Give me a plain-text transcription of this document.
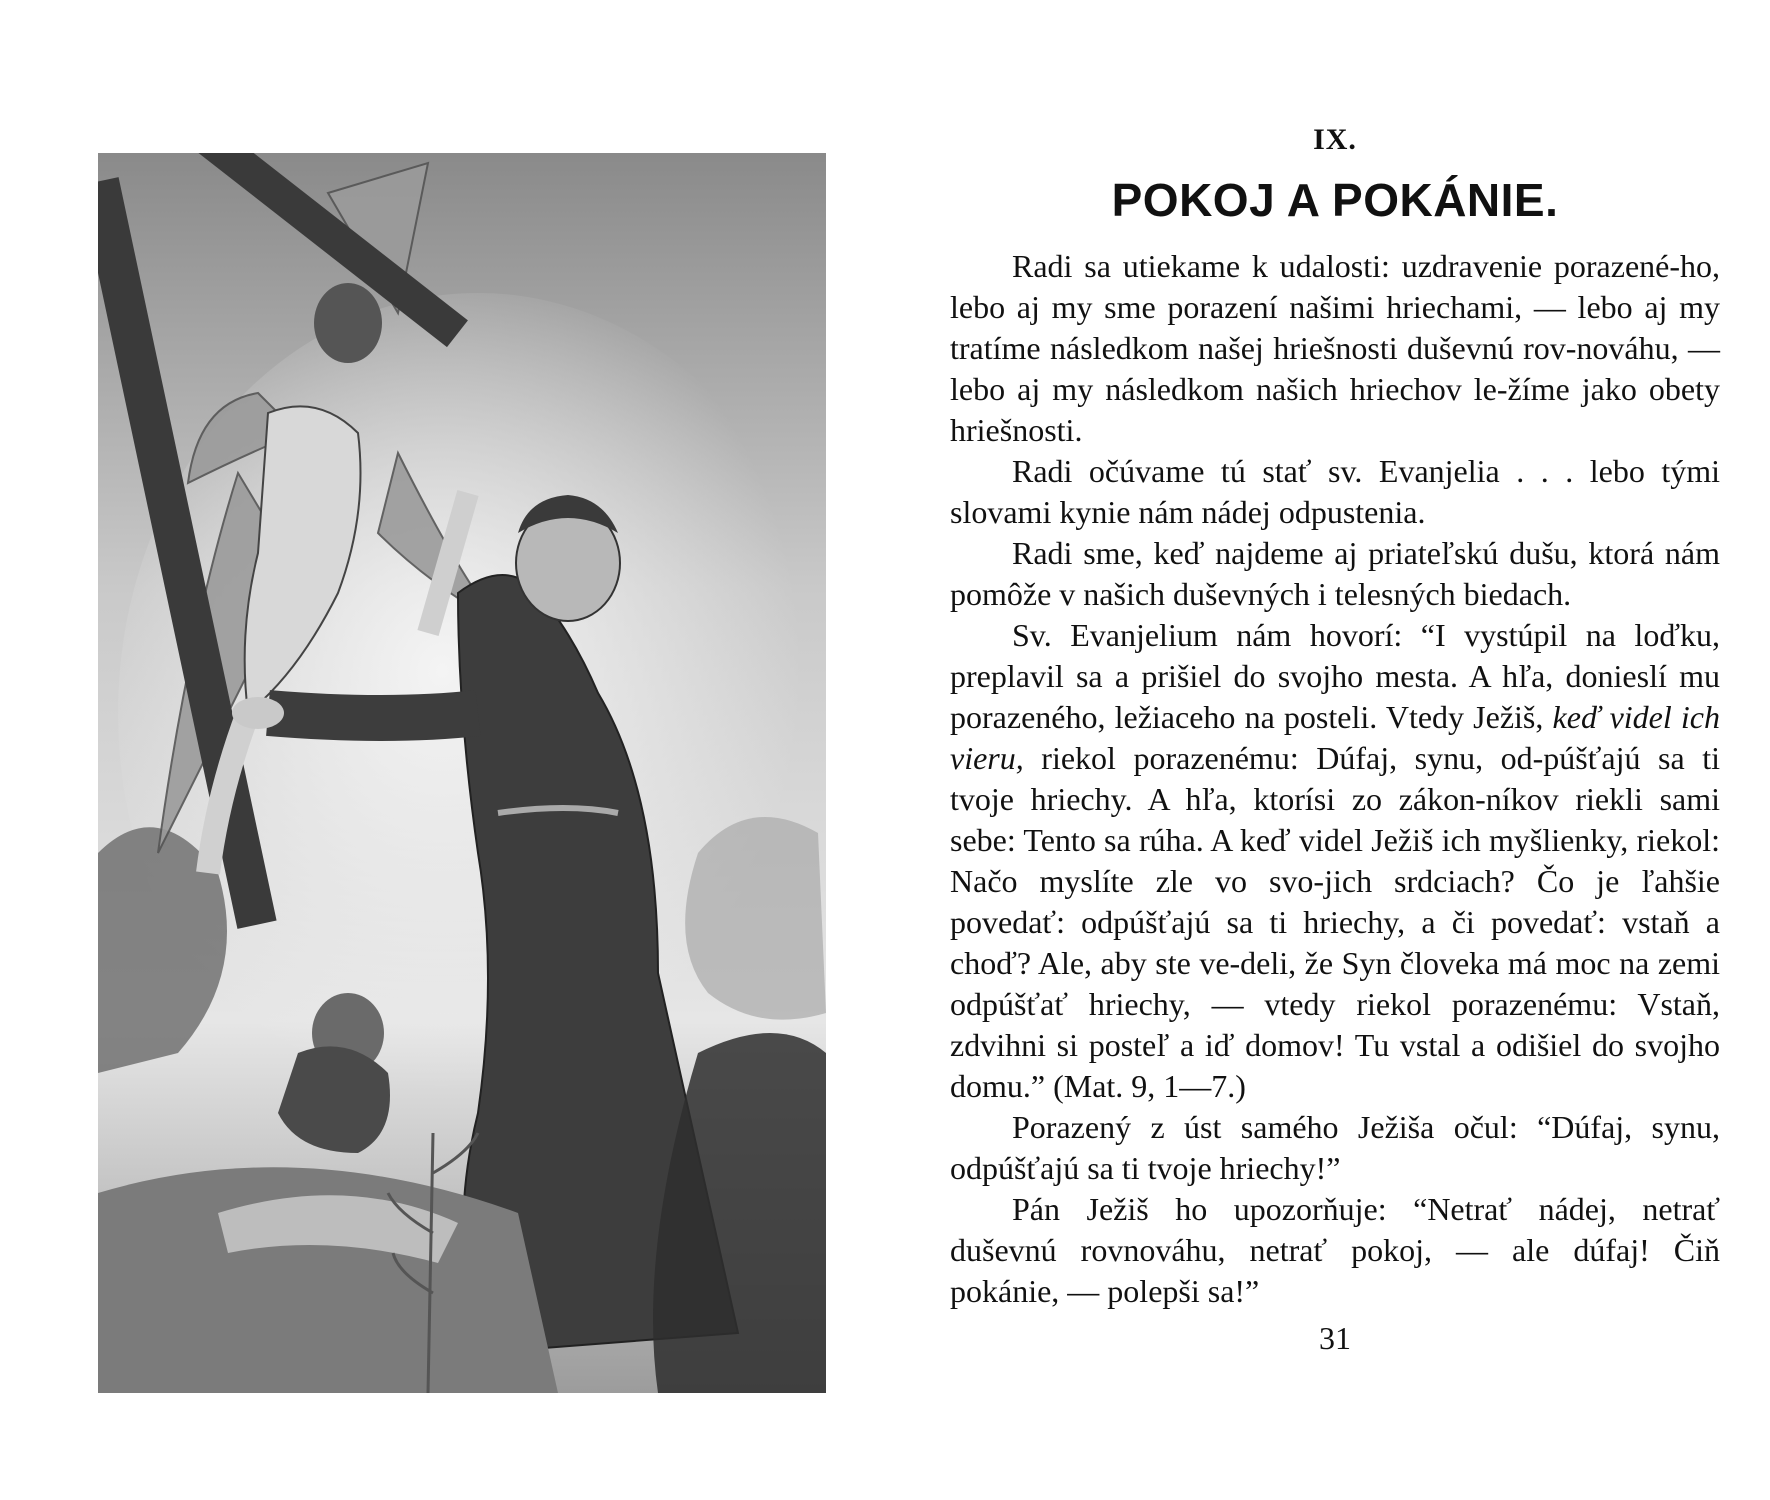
IX.

POKOJ A POKÁNIE.

Radi sa utiekame k udalosti: uzdravenie porazené-ho, lebo aj my sme porazení našimi hriechami, — lebo aj my tratíme následkom našej hriešnosti duševnú rov-nováhu, — lebo aj my následkom našich hriechov le-žíme jako obety hriešnosti.

Radi očúvame tú stať sv. Evanjelia . . . lebo tými slovami kynie nám nádej odpustenia.

Radi sme, keď najdeme aj priateľskú dušu, ktorá nám pomôže v našich duševných i telesných biedach.

Sv. Evanjelium nám hovorí: “I vystúpil na loďku, preplavil sa a prišiel do svojho mesta. A hľa, donieslí mu porazeného, ležiaceho na posteli. Vtedy Ježiš, keď videl ich vieru, riekol porazenému: Dúfaj, synu, od-púšťajú sa ti tvoje hriechy. A hľa, ktorísi zo zákon-níkov riekli sami sebe: Tento sa rúha. A keď videl Ježiš ich myšlienky, riekol: Načo myslíte zle vo svo-jich srdciach? Čo je ľahšie povedať: odpúšťajú sa ti hriechy, a či povedať: vstaň a choď? Ale, aby ste ve-deli, že Syn človeka má moc na zemi odpúšťať hriechy, — vtedy riekol porazenému: Vstaň, zdvihni si posteľ a iď domov! Tu vstal a odišiel do svojho domu.” (Mat. 9, 1—7.)

Porazený z úst samého Ježiša očul: “Dúfaj, synu, odpúšťajú sa ti tvoje hriechy!”

Pán Ježiš ho upozorňuje: “Netrať nádej, netrať duševnú rovnováhu, netrať pokoj, — ale dúfaj! Čiň pokánie, — polepši sa!”

31
